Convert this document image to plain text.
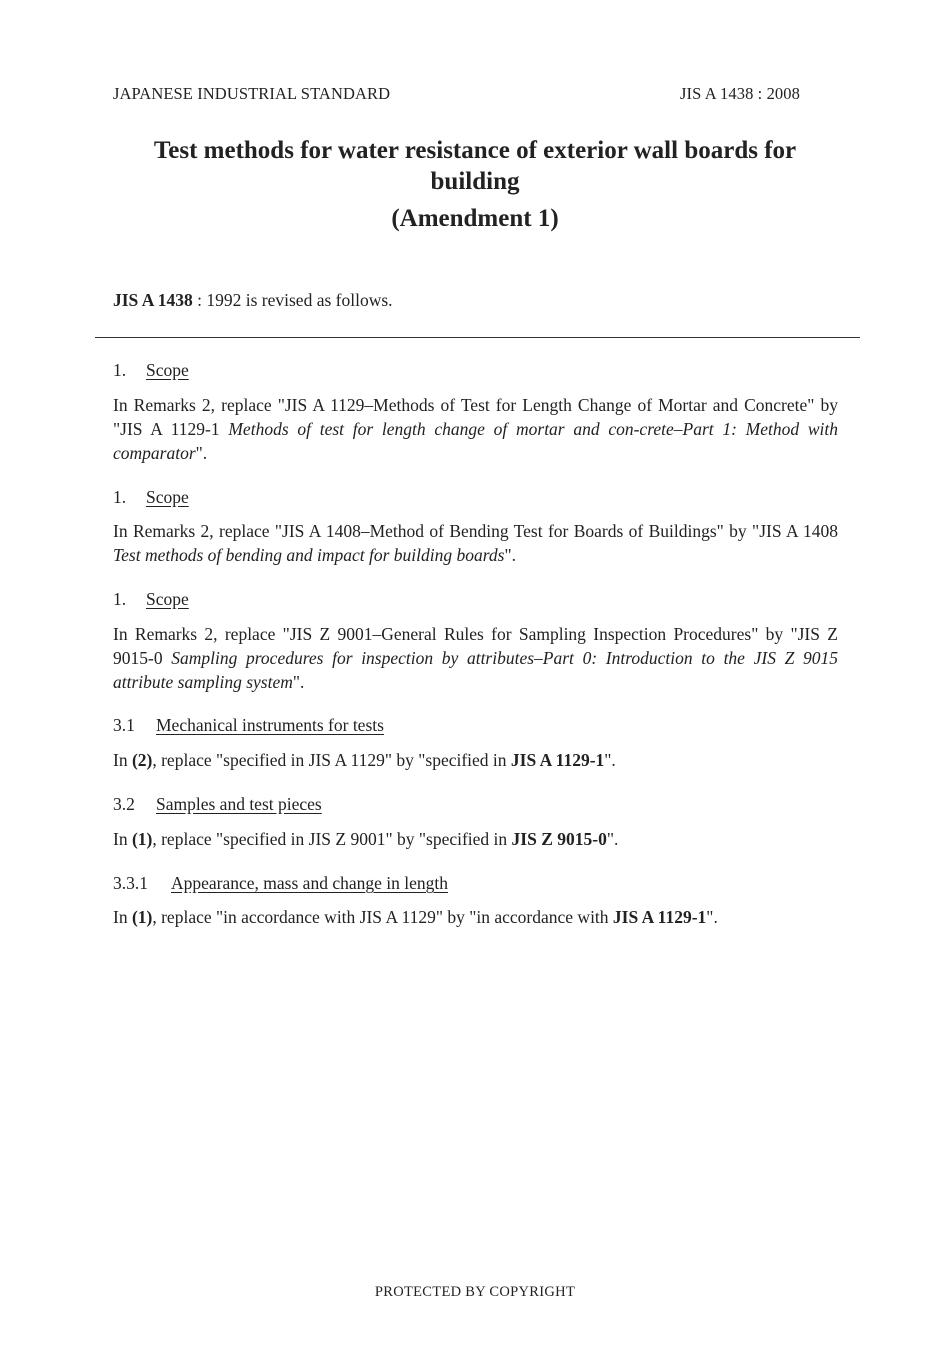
JAPANESE INDUSTRIAL STANDARD	JIS A 1438 : 2008
Test methods for water resistance of exterior wall boards for building
(Amendment 1)
JIS A 1438 : 1992 is revised as follows.
1. Scope
In Remarks 2, replace "JIS A 1129–Methods of Test for Length Change of Mortar and Concrete" by "JIS A 1129-1 Methods of test for length change of mortar and con-crete–Part 1: Method with comparator".
1. Scope
In Remarks 2, replace "JIS A 1408–Method of Bending Test for Boards of Buildings" by "JIS A 1408 Test methods of bending and impact for building boards".
1. Scope
In Remarks 2, replace "JIS Z 9001–General Rules for Sampling Inspection Procedures" by "JIS Z 9015-0 Sampling procedures for inspection by attributes–Part 0: Introduction to the JIS Z 9015 attribute sampling system".
3.1 Mechanical instruments for tests
In (2), replace "specified in JIS A 1129" by "specified in JIS A 1129-1".
3.2 Samples and test pieces
In (1), replace "specified in JIS Z 9001" by "specified in JIS Z 9015-0".
3.3.1 Appearance, mass and change in length
In (1), replace "in accordance with JIS A 1129" by "in accordance with JIS A 1129-1".
PROTECTED BY COPYRIGHT
